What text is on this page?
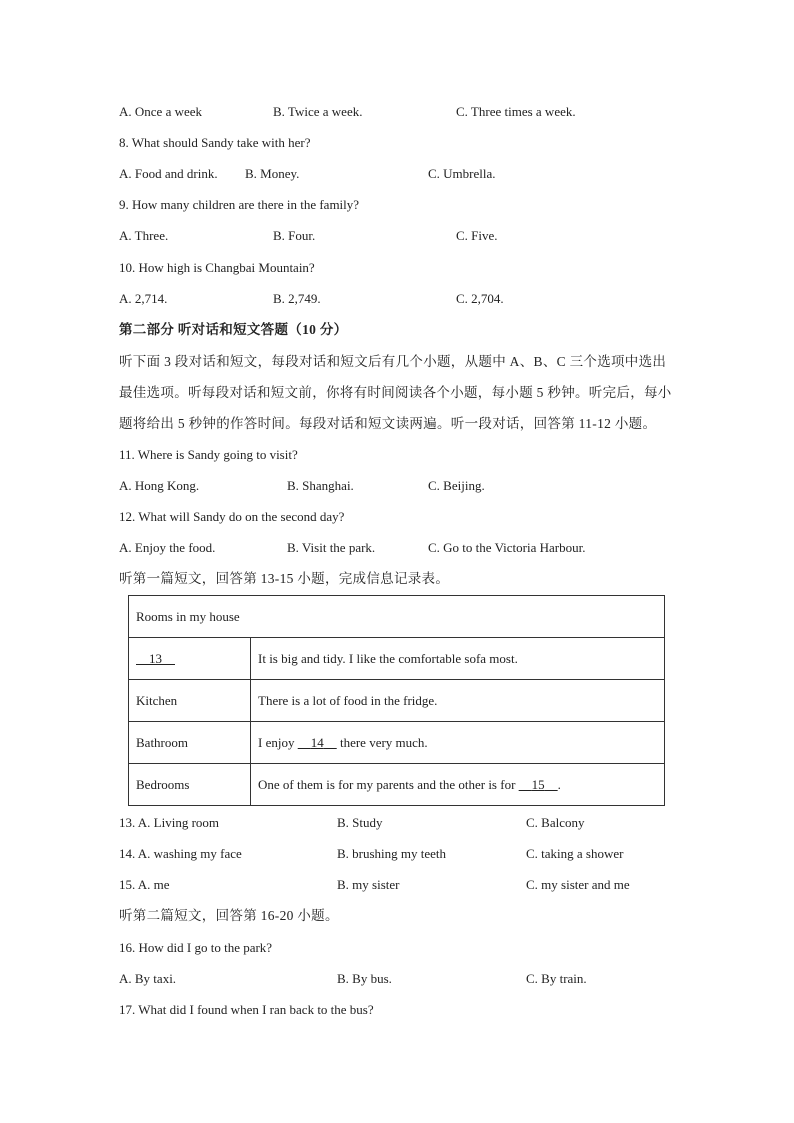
A. Once a week	B. Twice a week.	C. Three times a week.
8. What should Sandy take with her?
A. Food and drink. B. Money.	C. Umbrella.
9. How many children are there in the family?
A. Three.	B. Four.	C. Five.
10. How high is Changbai Mountain?
A. 2,714.	B. 2,749.	C. 2,704.
第二部分 听对话和短文答题（10 分）
听下面 3 段对话和短文，每段对话和短文后有几个小题，从题中 A、B、C 三个选项中选出
最佳选项。听每段对话和短文前，你将有时间阅读各个小题，每小题 5 秒钟。听完后，每小
题将给出 5 秒钟的作答时间。每段对话和短文读两遍。听一段对话，回答第 11-12 小题。
11. Where is Sandy going to visit?
A. Hong Kong.	B. Shanghai.	C. Beijing.
12. What will Sandy do on the second day?
A. Enjoy the food.	B. Visit the park.	C. Go to the Victoria Harbour.
听第一篇短文，回答第 13-15 小题，完成信息记录表。
Rooms in my house	
13	It is big and tidy. I like the comfortable sofa most.
Kitchen	There is a lot of food in the fridge.
Bathroom	I enjoy     14     there very much.
Bedrooms	One of them is for my parents and the other is for     15 .
13. A. Living room	B. Study	C. Balcony
14. A. washing my face	B. brushing my teeth	C. taking a shower
15. A. me	B. my sister	C. my sister and me
听第二篇短文，回答第 16-20 小题。
16. How did I go to the park?
A. By taxi.	B. By bus.	C. By train.
17. What did I found when I ran back to the bus?
